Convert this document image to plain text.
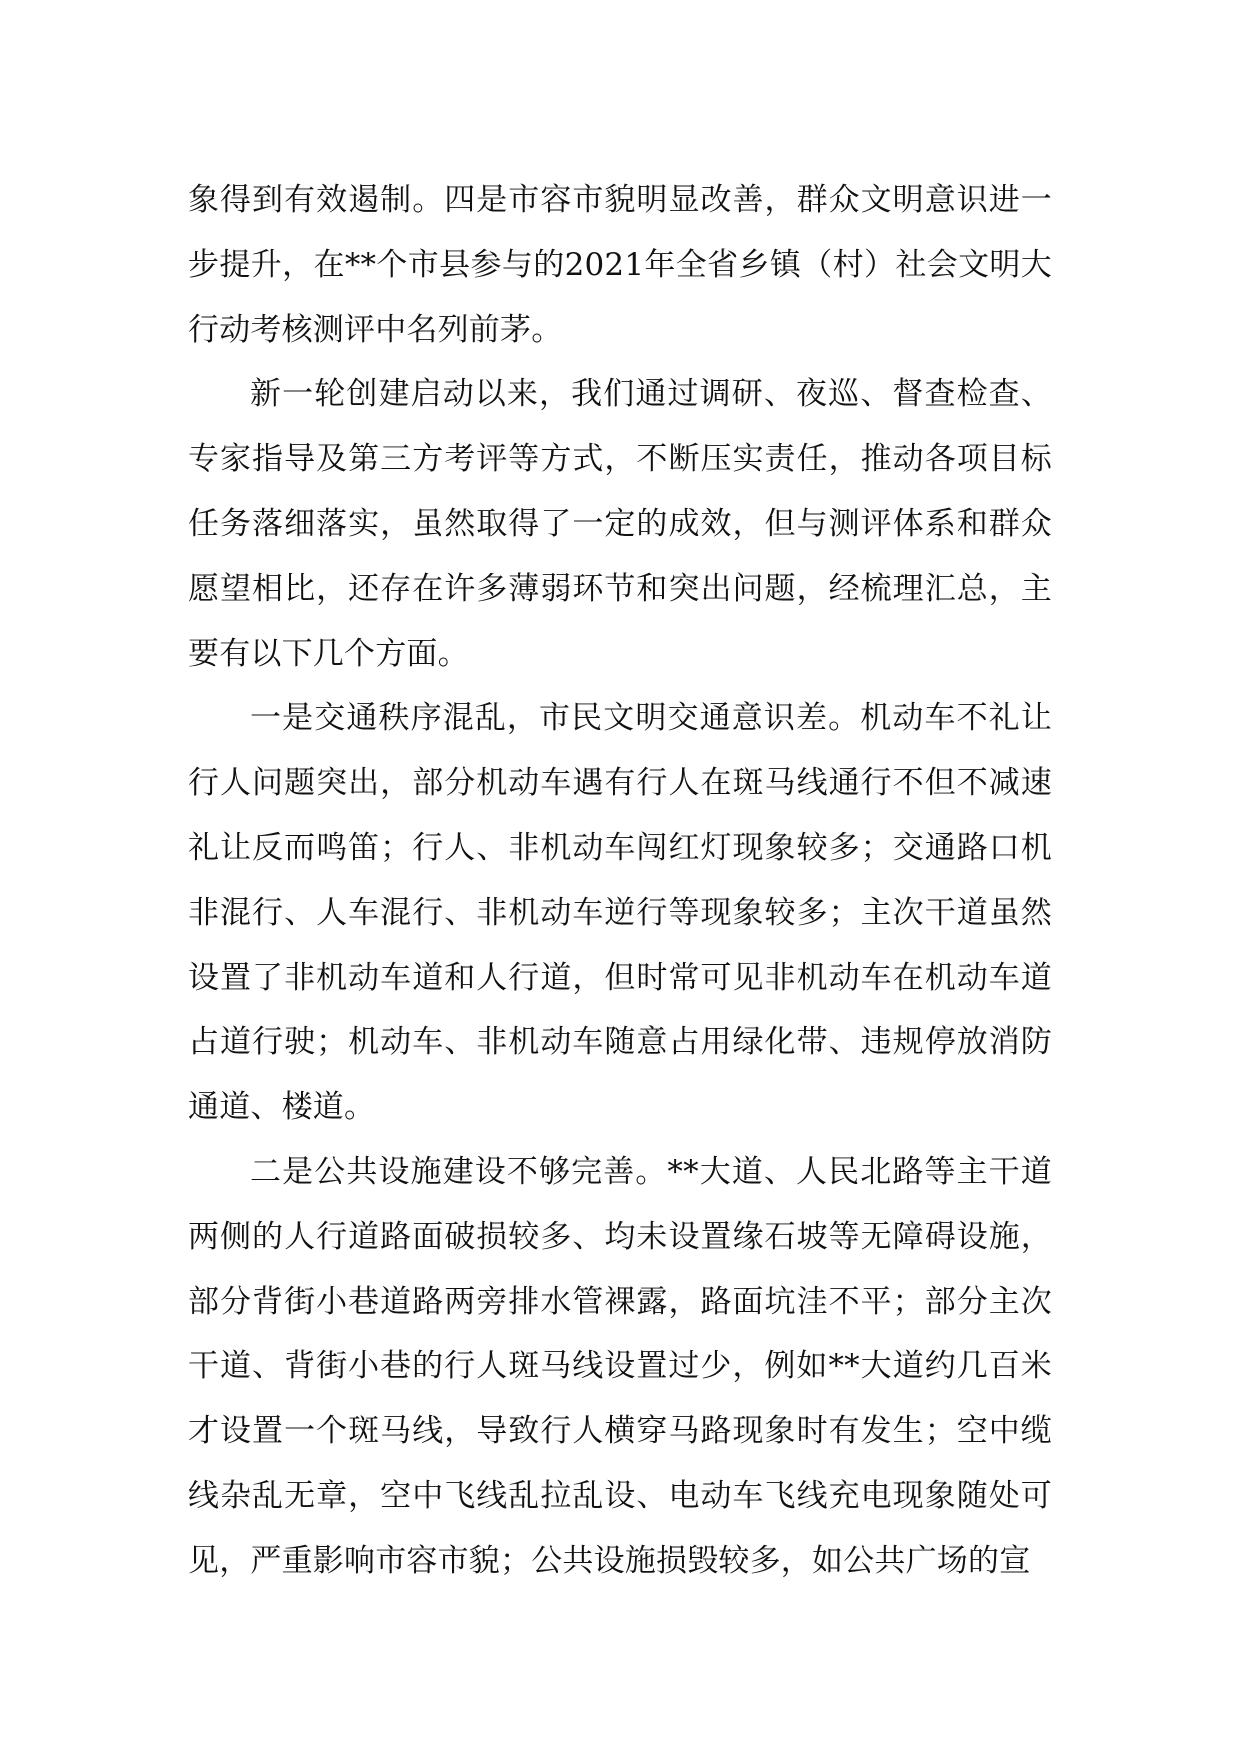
象得到有效遏制。四是市容市貌明显改善，群众文明意识进一步提升，在**个市县参与的2021年全省乡镇（村）社会文明大行动考核测评中名列前茅。

新一轮创建启动以来，我们通过调研、夜巡、督查检查、专家指导及第三方考评等方式，不断压实责任，推动各项目标任务落细落实，虽然取得了一定的成效，但与测评体系和群众愿望相比，还存在许多薄弱环节和突出问题，经梳理汇总，主要有以下几个方面。

一是交通秩序混乱，市民文明交通意识差。机动车不礼让行人问题突出，部分机动车遇有行人在斑马线通行不但不减速礼让反而鸣笛；行人、非机动车闯红灯现象较多；交通路口机非混行、人车混行、非机动车逆行等现象较多；主次干道虽然设置了非机动车道和人行道，但时常可见非机动车在机动车道占道行驶；机动车、非机动车随意占用绿化带、违规停放消防通道、楼道。

二是公共设施建设不够完善。**大道、人民北路等主干道两侧的人行道路面破损较多、均未设置缘石坡等无障碍设施，部分背街小巷道路两旁排水管裸露，路面坑洼不平；部分主次干道、背街小巷的行人斑马线设置过少，例如**大道约几百米才设置一个斑马线，导致行人横穿马路现象时有发生；空中缆线杂乱无章，空中飞线乱拉乱设、电动车飞线充电现象随处可见，严重影响市容市貌；公共设施损毁较多，如公共广场的宣
